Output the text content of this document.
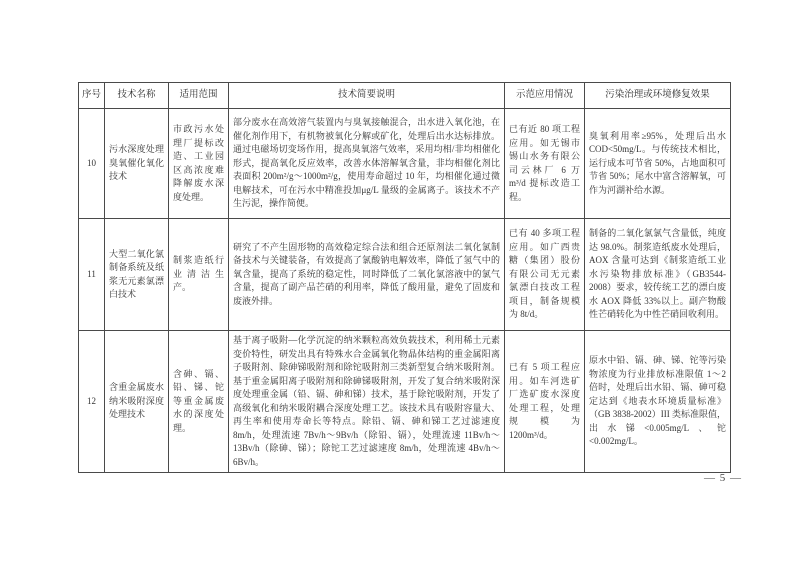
序号	技术名称	适用范围	技术简要说明	示范应用情况	污染治理或环境修复效果
10	污水深度处理臭氧催化氧化技术	市政污水处理厂提标改造、工业园区高浓度难降解废水深度处理。	部分废水在高效溶气装置内与臭氧接触混合，出水进入氧化池，在催化剂作用下，有机物被氧化分解或矿化，处理后出水达标排放。通过电磁场切变场作用，提高臭氧溶气效率，采用均相/非均相催化形式，提高氧化反应效率，改善水体溶解氧含量，非均相催化剂比表面积 200m²/g～1000m²/g，使用寿命超过 10 年，均相催化通过微电解技术，可在污水中精准投加μg/L 量级的金属离子。该技术不产生污泥，操作简便。	已有近 80 项工程应用。如无锡市锡山水务有限公司云林厂 6 万 m³/d 提标改造工程。	臭氧利用率≥95%，处理后出水 COD<50mg/L。与传统技术相比，运行成本可节省 50%，占地面积可节省 50%；尾水中富含溶解氧，可作为河湖补给水源。
11	大型二氧化氯制备系统及纸浆无元素氯漂白技术	制浆造纸行业清洁生产。	研究了不产生固形物的高效稳定综合法和组合还原剂法二氧化氯制备技术与关键装备，有效提高了氯酸钠电解效率，降低了氢气中的氧含量，提高了系统的稳定性，同时降低了二氧化氯溶液中的氯气含量，提高了副产品芒硝的利用率，降低了酸用量，避免了固废和废液外排。	已有 40 多项工程应用。如广西贵糖（集团）股份有限公司无元素氯漂白技改工程项目，制备规模为 8t/d。	制备的二氧化氯氯气含量低，纯度达 98.0%。制浆造纸废水处理后，AOX 含量可达到《制浆造纸工业水污染物排放标准》（GB3544-2008）要求，较传统工艺的漂白废水 AOX 降低 33%以上。副产物酸性芒硝转化为中性芒硝回收利用。
12	含重金属废水纳米吸附深度处理技术	含砷、镉、铅、锑、铊等重金属废水的深度处理。	基于离子吸附—化学沉淀的纳米颗粒高效负载技术，利用稀土元素变价特性，研发出具有特殊水合金属氧化物晶体结构的重金属阳离子吸附剂、除砷锑吸附剂和除铊吸附剂三类新型复合纳米吸附剂。基于重金属阳离子吸附剂和除砷锑吸附剂，开发了复合纳米吸附深度处理重金属（铅、镉、砷和锑）技术，基于除铊吸附剂，开发了高级氧化和纳米吸附耦合深度处理工艺。该技术具有吸附容量大、再生率和使用寿命长等特点。除铅、镉、砷和锑工艺过滤速度 8m/h，处理流速 7Bv/h～9Bv/h（除铅、镉），处理流速 11Bv/h～13Bv/h（除砷、锑）；除铊工艺过滤速度 8m/h，处理流速 4Bv/h～6Bv/h。	已有 5 项工程应用。如车河选矿厂选矿废水深度处理工程，处理规模为 1200m³/d。	原水中铅、镉、砷、锑、铊等污染物浓度为行业排放标准限值 1～2 倍时，处理后出水铅、镉、砷可稳定达到《地表水环境质量标准》（GB 3838-2002）III 类标准限值，出水锑<0.005mg/L、铊<0.002mg/L。
— 5 —
